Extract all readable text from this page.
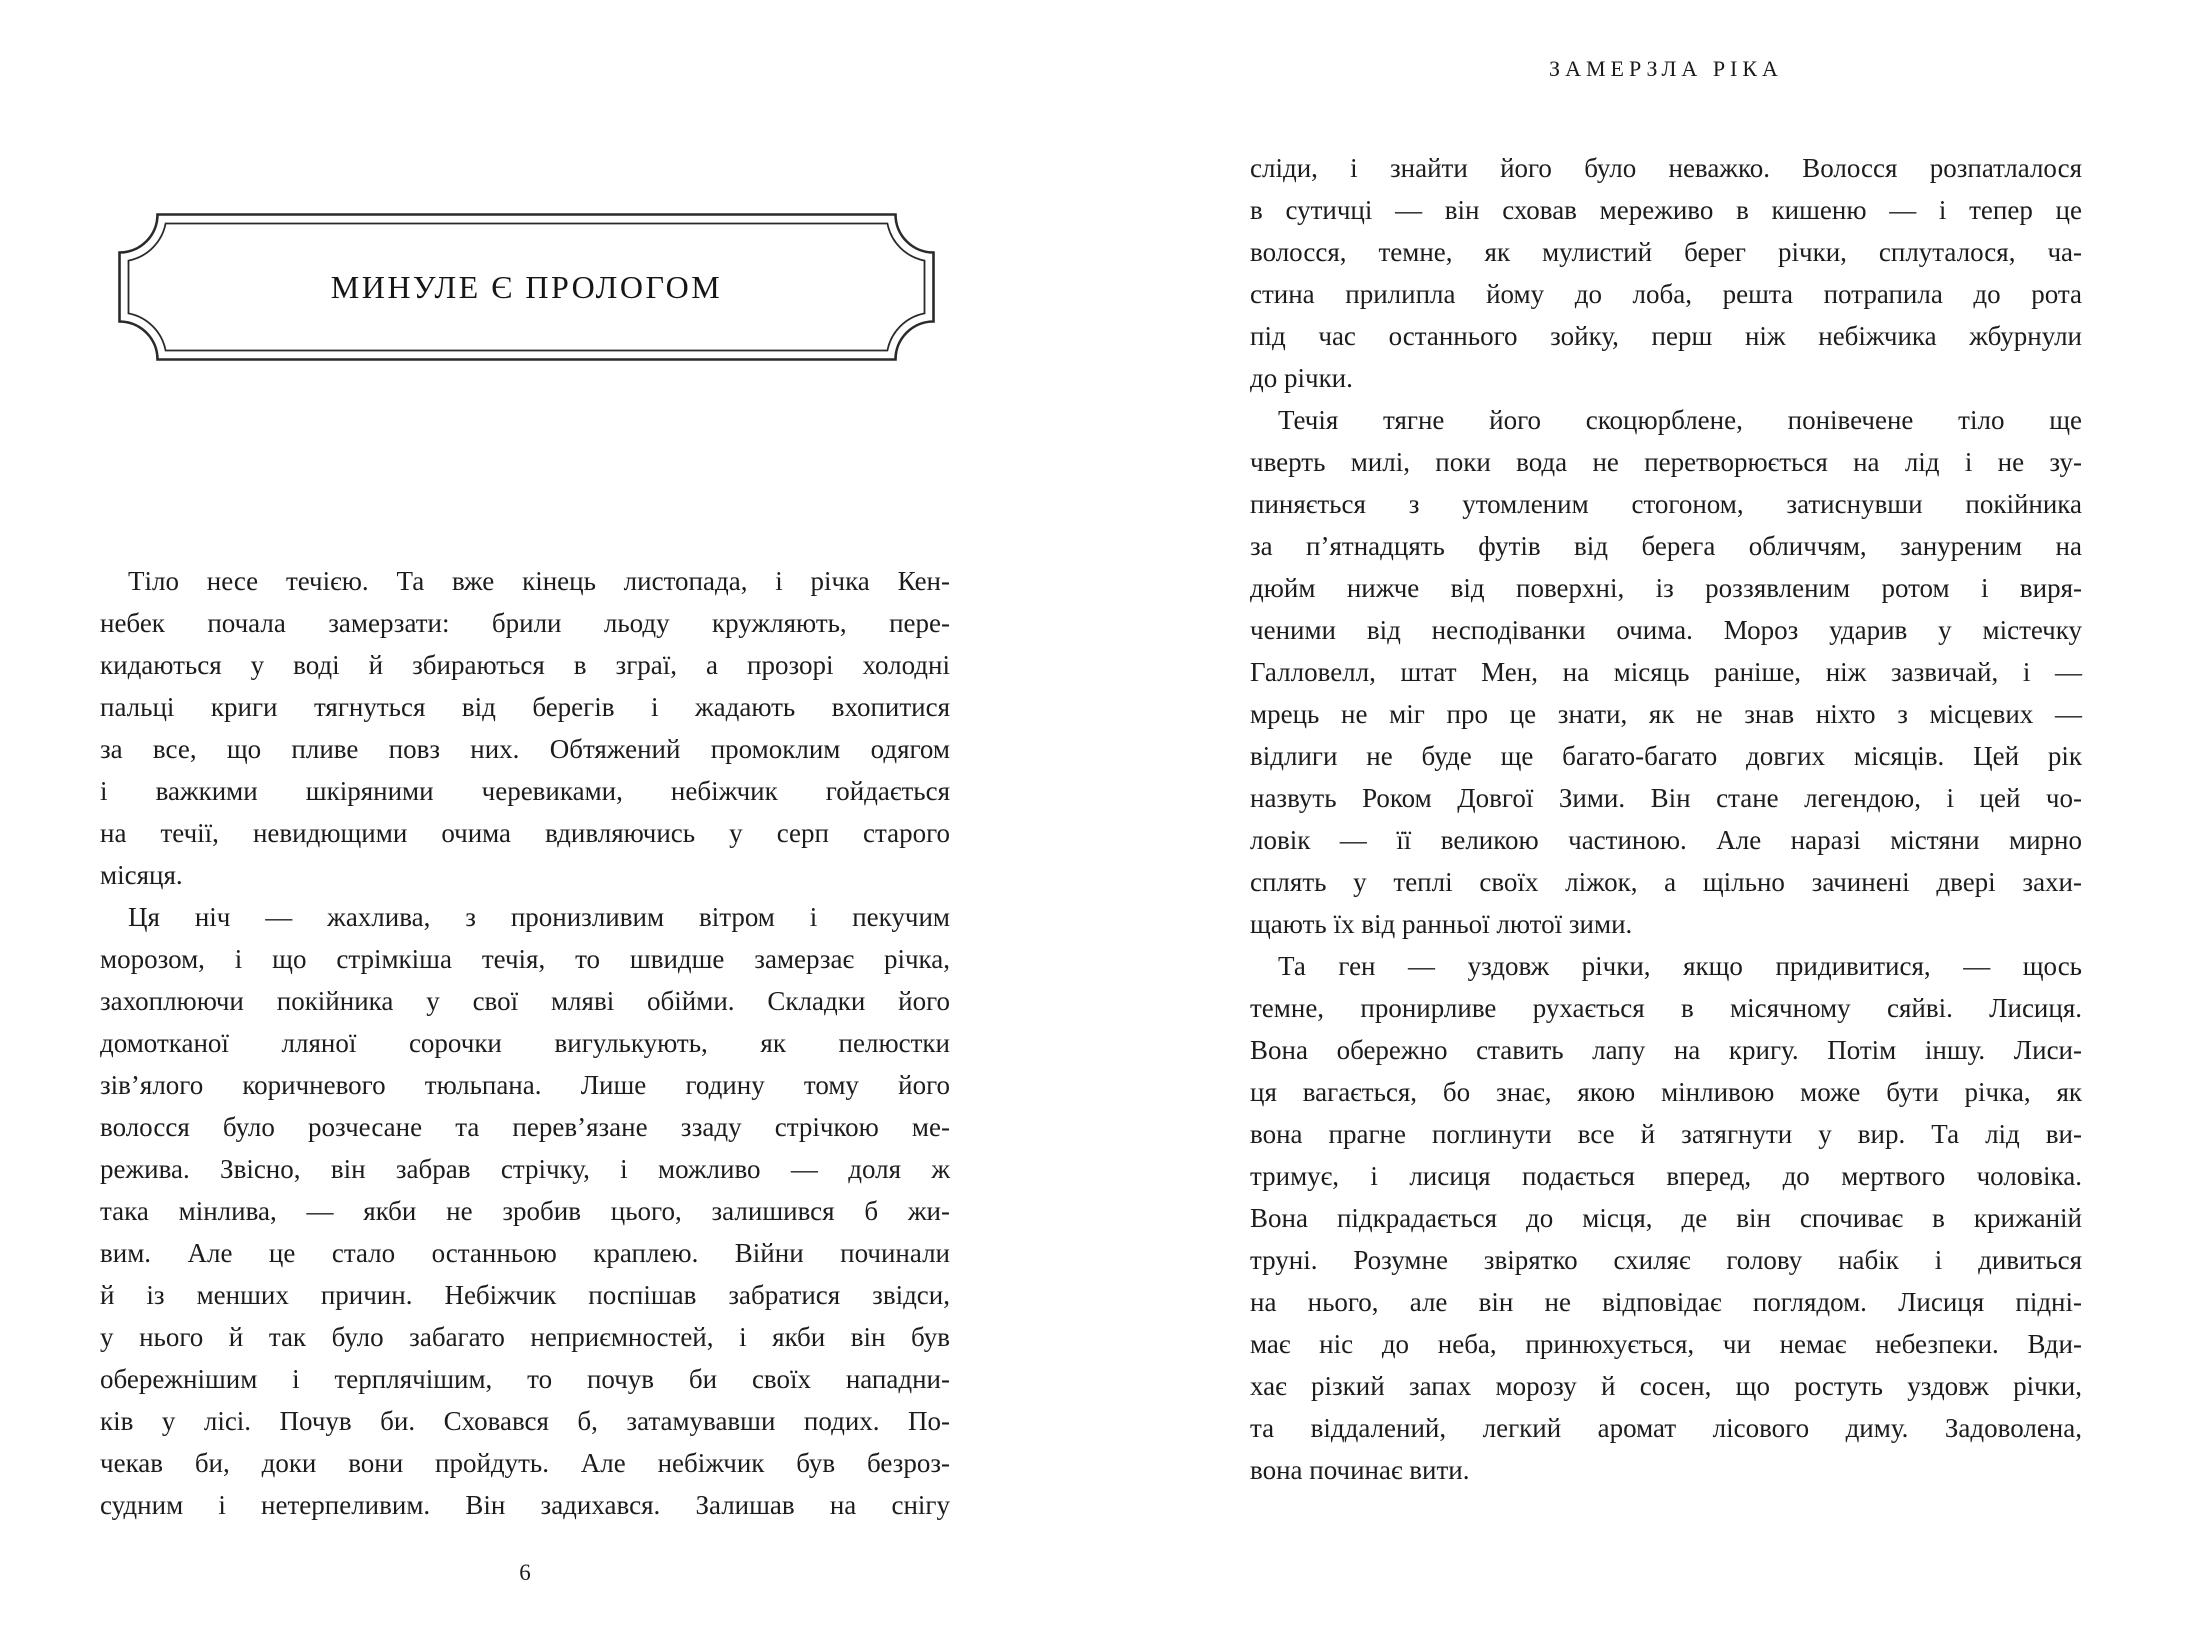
МИНУЛЕ Є ПРОЛОГОМ
Тіло несе течією. Та вже кінець листопада, і річка Кен-
небек почала замерзати: брили льоду кружляють, пере-
кидаються у воді й збираються в зграї, а прозорі холодні
пальці криги тягнуться від берегів і жадають вхопитися
за все, що пливе повз них. Обтяжений промоклим одягом
і важкими шкіряними черевиками, небіжчик гойдається
на течії, невидющими очима вдивляючись у серп старого
місяця.
Ця ніч — жахлива, з пронизливим вітром і пекучим
морозом, і що стрімкіша течія, то швидше замерзає річка,
захоплюючи покійника у свої мляві обійми. Складки його
домотканої лляної сорочки вигулькують, як пелюстки
зів’ялого коричневого тюльпана. Лише годину тому його
волосся було розчесане та перев’язане ззаду стрічкою ме-
режива. Звісно, він забрав стрічку, і можливо — доля ж
така мінлива, — якби не зробив цього, залишився б жи-
вим. Але це стало останньою краплею. Війни починали
й із менших причин. Небіжчик поспішав забратися звідси,
у нього й так було забагато неприємностей, і якби він був
обережнішим і терплячішим, то почув би своїх нападни-
ків у лісі. Почув би. Сховався б, затамувавши подих. По-
чекав би, доки вони пройдуть. Але небіжчик був безроз-
судним і нетерпеливим. Він задихався. Залишав на снігу
6
ЗАМЕРЗЛА РІКА
сліди, і знайти його було неважко. Волосся розпатлалося
в сутичці — він сховав мереживо в кишеню — і тепер це
волосся, темне, як мулистий берег річки, сплуталося, ча-
стина прилипла йому до лоба, решта потрапила до рота
під час останнього зойку, перш ніж небіжчика жбурнули
до річки.
Течія тягне його скоцюрблене, понівечене тіло ще
чверть милі, поки вода не перетворюється на лід і не зу-
пиняється з утомленим стогоном, затиснувши покійника
за п’ятнадцять футів від берега обличчям, зануреним на
дюйм нижче від поверхні, із роззявленим ротом і виря-
ченими від несподіванки очима. Мороз ударив у містечку
Галловелл, штат Мен, на місяць раніше, ніж зазвичай, і —
мрець не міг про це знати, як не знав ніхто з місцевих —
відлиги не буде ще багато-багато довгих місяців. Цей рік
назвуть Роком Довгої Зими. Він стане легендою, і цей чо-
ловік — її великою частиною. Але наразі містяни мирно
сплять у теплі своїх ліжок, а щільно зачинені двері захи-
щають їх від ранньої лютої зими.
Та ген — уздовж річки, якщо придивитися, — щось
темне, пронирливе рухається в місячному сяйві. Лисиця.
Вона обережно ставить лапу на кригу. Потім іншу. Лиси-
ця вагається, бо знає, якою мінливою може бути річка, як
вона прагне поглинути все й затягнути у вир. Та лід ви-
тримує, і лисиця подається вперед, до мертвого чоловіка.
Вона підкрадається до місця, де він спочиває в крижаній
труні. Розумне звірятко схиляє голову набік і дивиться
на нього, але він не відповідає поглядом. Лисиця підні-
має ніс до неба, принюхується, чи немає небезпеки. Вди-
хає різкий запах морозу й сосен, що ростуть уздовж річки,
та віддалений, легкий аромат лісового диму. Задоволена,
вона починає вити.
